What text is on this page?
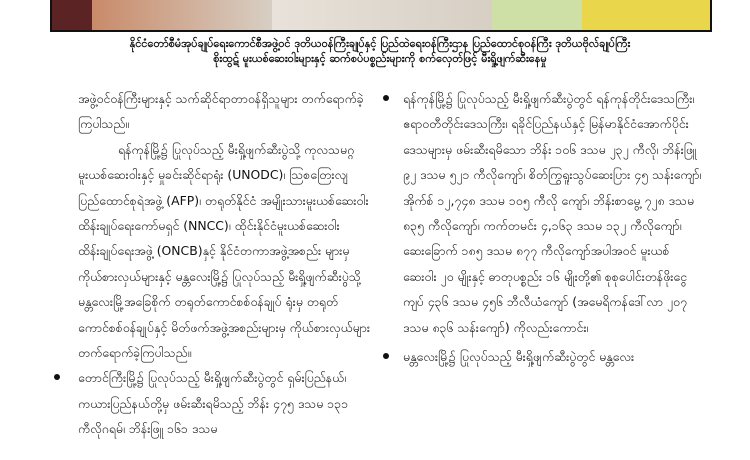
နိုင်ငံတော်စီမံအုပ်ချုပ်ရေးကောင်စီအဖွဲ့ဝင် ဒုတိယဝန်ကြီးချုပ်နှင့် ပြည်ထဲရေးဝန်ကြီးဌာန ပြည်ထောင်စုဝန်ကြီး ဒုတိယဗိုလ်ချုပ်ကြီး
စိုးထွဋ် မူးယစ်ဆေးဝါးများနှင့် ဆက်စပ်ပစ္စည်းများကို စက်လှေတ်ဖြင့် မီးရှို့ဖျက်ဆီးနေမှု

အဖွဲ့ဝင်ဝန်ကြီးများနှင့် သက်ဆိုင်ရာတာဝန်ရှိသူများ တက်ရောက်ခဲ့ကြပါသည်။

ရန်ကုန်မြို့၌ ပြုလုပ်သည့် မီးရှို့ဖျက်ဆီးပွဲသို့ ကုလသမဂ္ဂမူးယစ်ဆေးဝါးနှင့် မှုခင်းဆိုင်ရာရုံး (UNODC)၊ ဩစတြေးလျ ပြည်ထောင်စုရဲအဖွဲ့ (AFP)၊ တရုတ်နိုင်ငံ အမျိုးသားမူးယစ်ဆေးဝါးထိန်းချုပ်ရေးကော်မရှင် (NNCC)၊ ထိုင်းနိုင်ငံမူးယစ်ဆေးဝါးထိန်းချုပ်ရေးအဖွဲ့ (ONCB)နှင့် နိုင်ငံတကာအဖွဲ့အစည်း များမှ ကိုယ်စားလှယ်များနှင့် မန္တလေးမြို့၌ ပြုလုပ်သည့် မီးရှို့ဖျက်ဆီးပွဲသို့ မန္တလေးမြို့အခြေစိုက် တရုတ်ကောင်စစ်ဝန်ချုပ် ရုံးမှ တရုတ်ကောင်စစ်ဝန်ချုပ်နှင့် မိတ်ဖက်အဖွဲ့အစည်းများမှ ကိုယ်စားလှယ်များ တက်ရောက်ခဲ့ကြပါသည်။

တောင်ကြီးမြို့၌ ပြုလုပ်သည့် မီးရှို့ဖျက်ဆီးပွဲတွင် ရှမ်းပြည်နယ်၊ ကယားပြည်နယ်တို့မှ ဖမ်းဆီးရမိသည့် ဘိန်း ၄၇၅ ဒသမ ၁၃၁ ကီလိုဂရမ်၊ ဘိန်းဖြူ ၁၆၁ ဒသမ

ရန်ကုန်မြို့၌ ပြုလုပ်သည့် မီးရှို့ဖျက်ဆီးပွဲတွင် ရန်ကုန်တိုင်းဒေသကြီး၊ ဧရာဝတီတိုင်းဒေသကြီး၊ ရခိုင်ပြည်နယ်နှင့် မြန်မာနိုင်ငံအောက်ပိုင်းဒေသများမှ ဖမ်းဆီးရမိသော ဘိန်း ၁၀၆ ဒသမ ၂၃၂ ကီလို၊ ဘိန်းဖြူ ၉၂ ဒသမ ၅၂၁ ကီလိုကျော်၊ စိတ်ကြွရူးသွပ်ဆေးပြား ၄၅ သန်းကျော်၊ အိုက်စ် ၁၂,၇၄၈ ဒသမ ၁၀၅ ကီလို ကျော်၊ ဘိန်းစာမွေ့ ၇၂၈ ဒသမ ၈၃၅ ကီလိုကျော်၊ ကက်တမင်း ၄,၁၆၃ ဒသမ ၁၃၂ ကီလိုကျော်၊ ဆေးခြောက် ၁၈၅ ဒသမ ၈၇၇ ကီလိုကျော်အပါအဝင် မူးယစ် ဆေးဝါး ၂၀ မျိုးနှင့် ဓာတုပစ္စည်း ၁၆ မျိုးတို့၏ စုစုပေါင်းတန်ဖိုးငွေကျပ် ၄၃၆ ဒသမ ၄၅၆ ဘီလီယံကျော် (အမေရိကန်ဒေါ်လာ ၂၀၇ ဒသမ ၈၃၆ သန်းကျော်) ကိုလည်းကောင်း၊

မန္တလေးမြို့၌ ပြုလုပ်သည့် မီးရှို့ဖျက်ဆီးပွဲတွင် မန္တလေး
